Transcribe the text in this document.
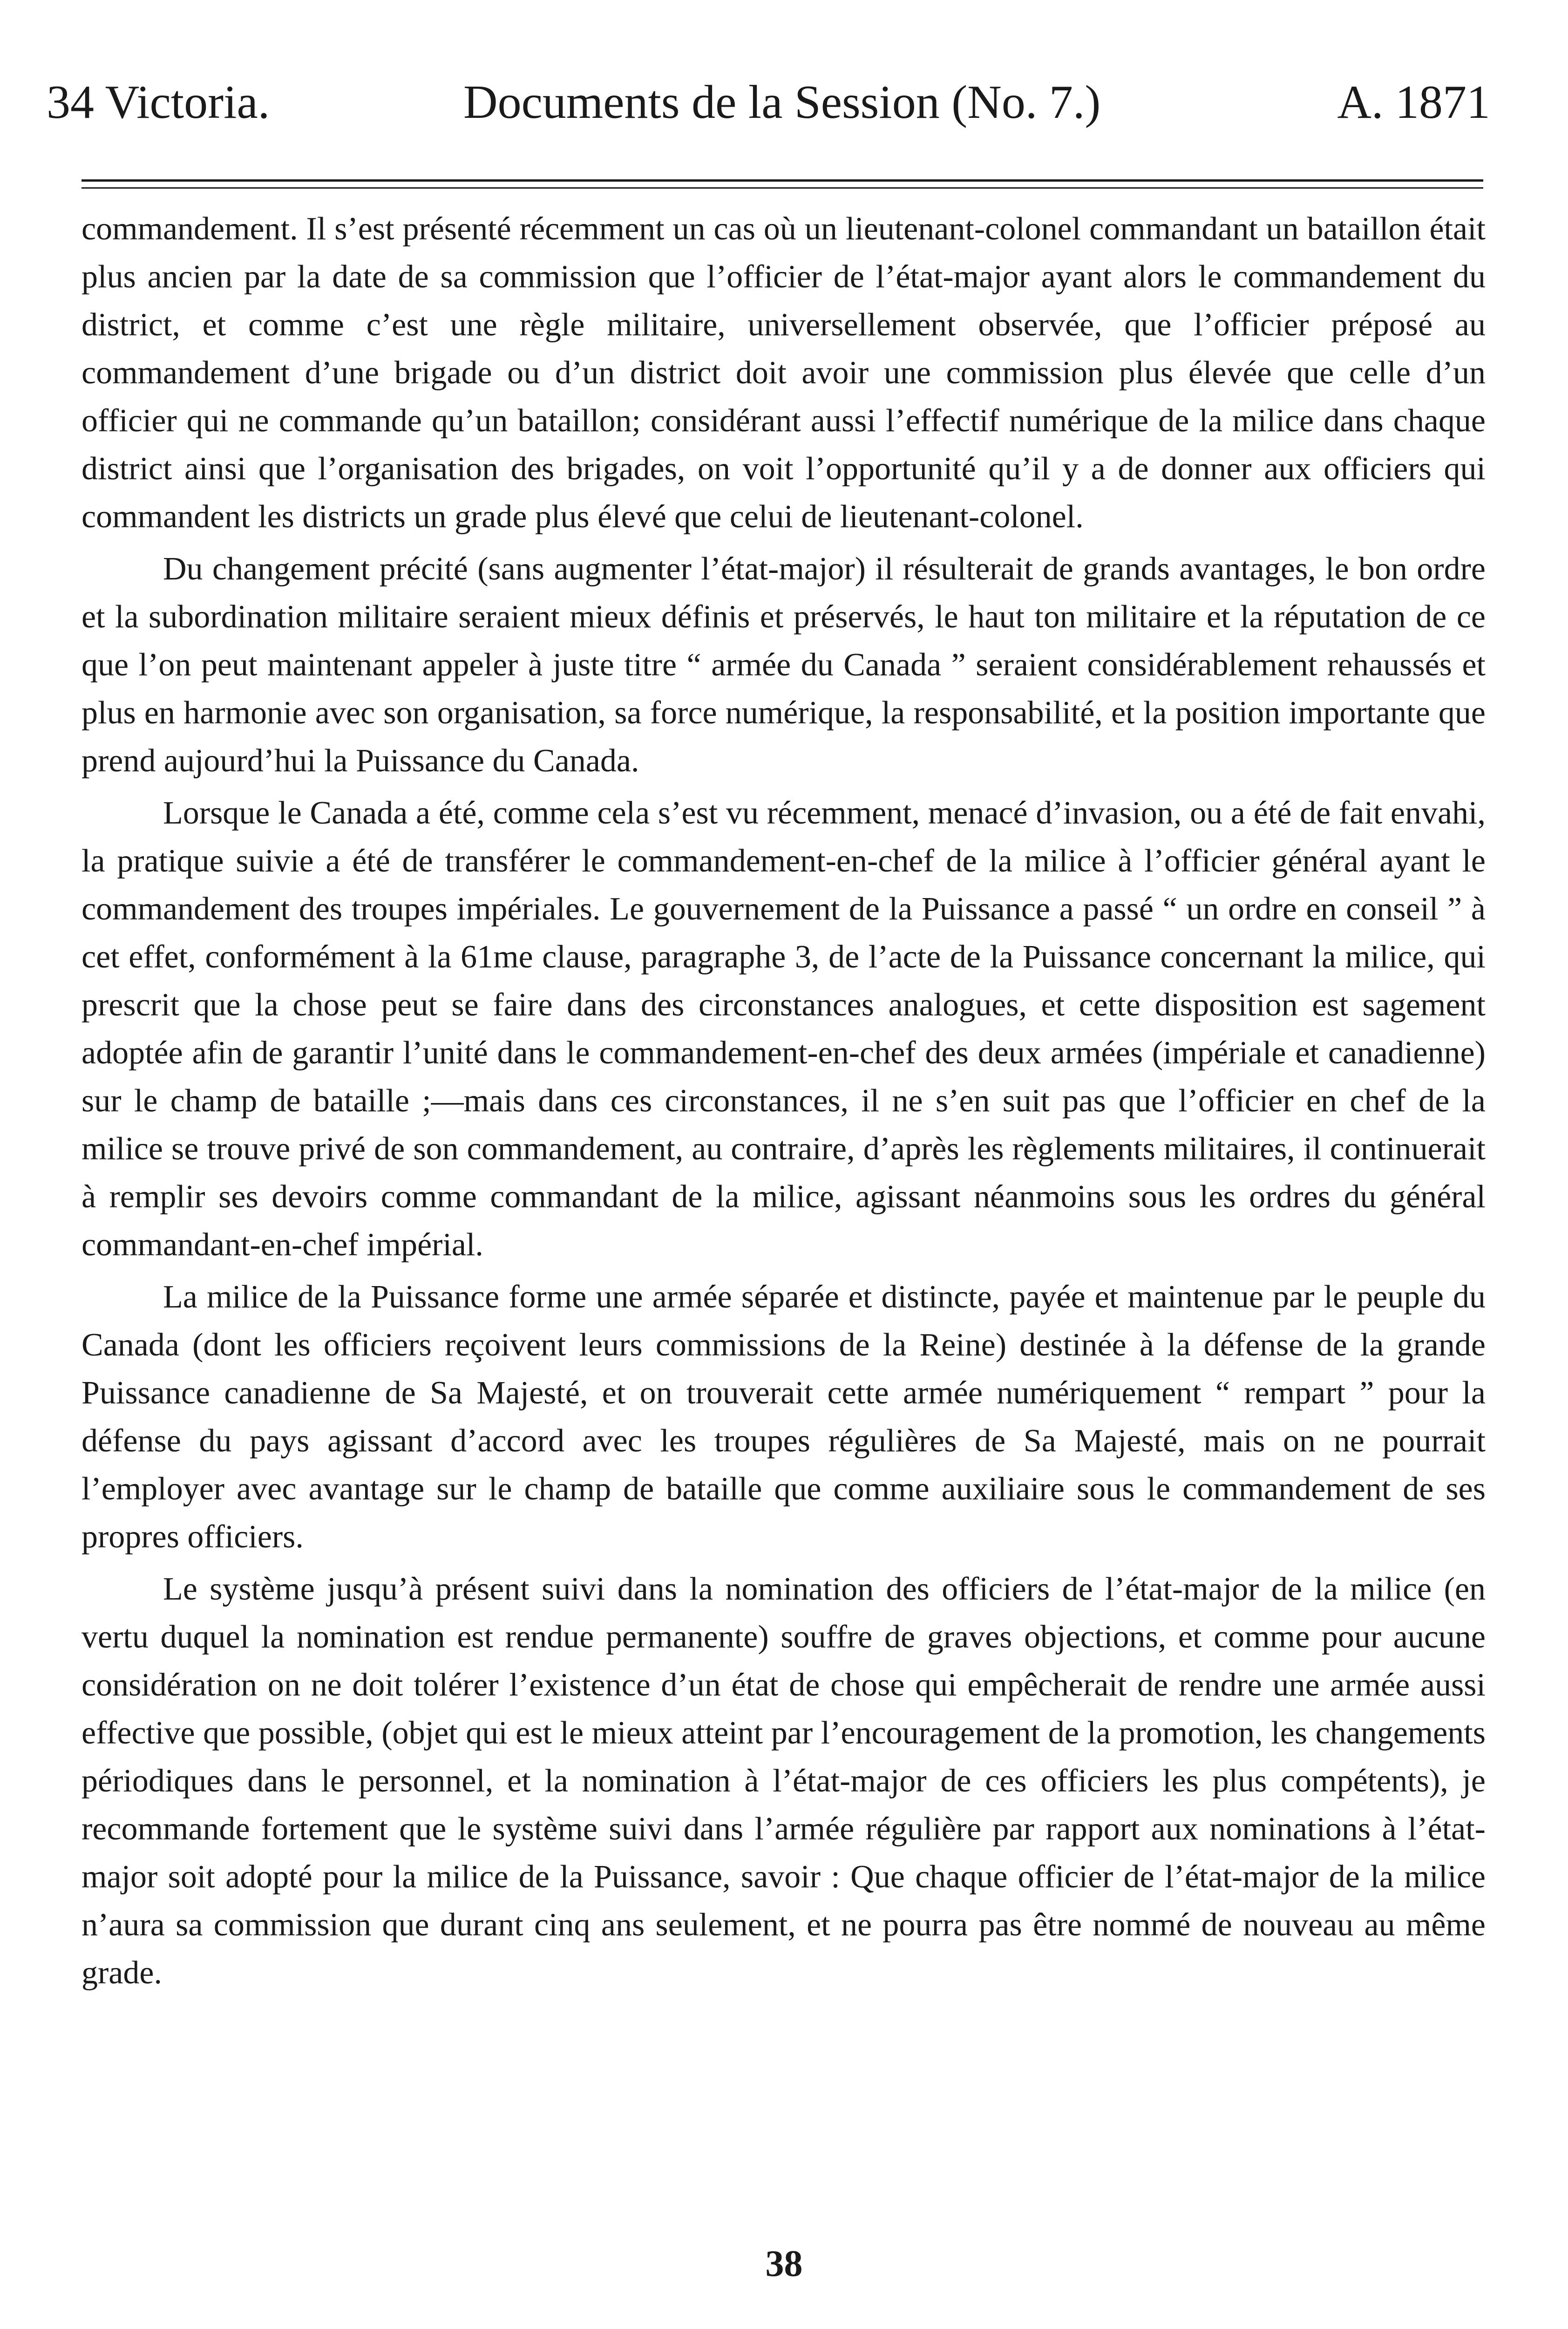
34 Victoria.	Documents de la Session (No. 7.)	A. 1871

commandement. Il s’est présenté récemment un cas où un lieutenant-colonel commandant un bataillon était plus ancien par la date de sa commission que l’officier de l’état-major ayant alors le commandement du district, et comme c’est une règle militaire, universellement observée, que l’officier préposé au commandement d’une brigade ou d’un district doit avoir une commission plus élevée que celle d’un officier qui ne commande qu’un bataillon; considérant aussi l’effectif numérique de la milice dans chaque district ainsi que l’organisation des brigades, on voit l’opportunité qu’il y a de donner aux officiers qui commandent les districts un grade plus élevé que celui de lieutenant-colonel.

Du changement précité (sans augmenter l’état-major) il résulterait de grands avantages, le bon ordre et la subordination militaire seraient mieux définis et préservés, le haut ton militaire et la réputation de ce que l’on peut maintenant appeler à juste titre “ armée du Canada ” seraient considérablement rehaussés et plus en harmonie avec son organisation, sa force numérique, la responsabilité, et la position importante que prend aujourd’hui la Puissance du Canada.

Lorsque le Canada a été, comme cela s’est vu récemment, menacé d’invasion, ou a été de fait envahi, la pratique suivie a été de transférer le commandement-en-chef de la milice à l’officier général ayant le commandement des troupes impériales. Le gouvernement de la Puissance a passé “ un ordre en conseil ” à cet effet, conformément à la 61me clause, paragraphe 3, de l’acte de la Puissance concernant la milice, qui prescrit que la chose peut se faire dans des circonstances analogues, et cette disposition est sagement adoptée afin de garantir l’unité dans le commandement-en-chef des deux armées (impériale et canadienne) sur le champ de bataille ;—mais dans ces circonstances, il ne s’en suit pas que l’officier en chef de la milice se trouve privé de son commandement, au contraire, d’après les règlements militaires, il continuerait à remplir ses devoirs comme commandant de la milice, agissant néanmoins sous les ordres du général commandant-en-chef impérial.

La milice de la Puissance forme une armée séparée et distincte, payée et maintenue par le peuple du Canada (dont les officiers reçoivent leurs commissions de la Reine) destinée à la défense de la grande Puissance canadienne de Sa Majesté, et on trouverait cette armée numériquement “ rempart ” pour la défense du pays agissant d’accord avec les troupes régulières de Sa Majesté, mais on ne pourrait l’employer avec avantage sur le champ de bataille que comme auxiliaire sous le commandement de ses propres officiers.

Le système jusqu’à présent suivi dans la nomination des officiers de l’état-major de la milice (en vertu duquel la nomination est rendue permanente) souffre de graves objections, et comme pour aucune considération on ne doit tolérer l’existence d’un état de chose qui empêcherait de rendre une armée aussi effective que possible, (objet qui est le mieux atteint par l’encouragement de la promotion, les changements périodiques dans le personnel, et la nomination à l’état-major de ces officiers les plus compétents), je recommande fortement que le système suivi dans l’armée régulière par rapport aux nominations à l’état-major soit adopté pour la milice de la Puissance, savoir : Que chaque officier de l’état-major de la milice n’aura sa commission que durant cinq ans seulement, et ne pourra pas être nommé de nouveau au même grade.

38
